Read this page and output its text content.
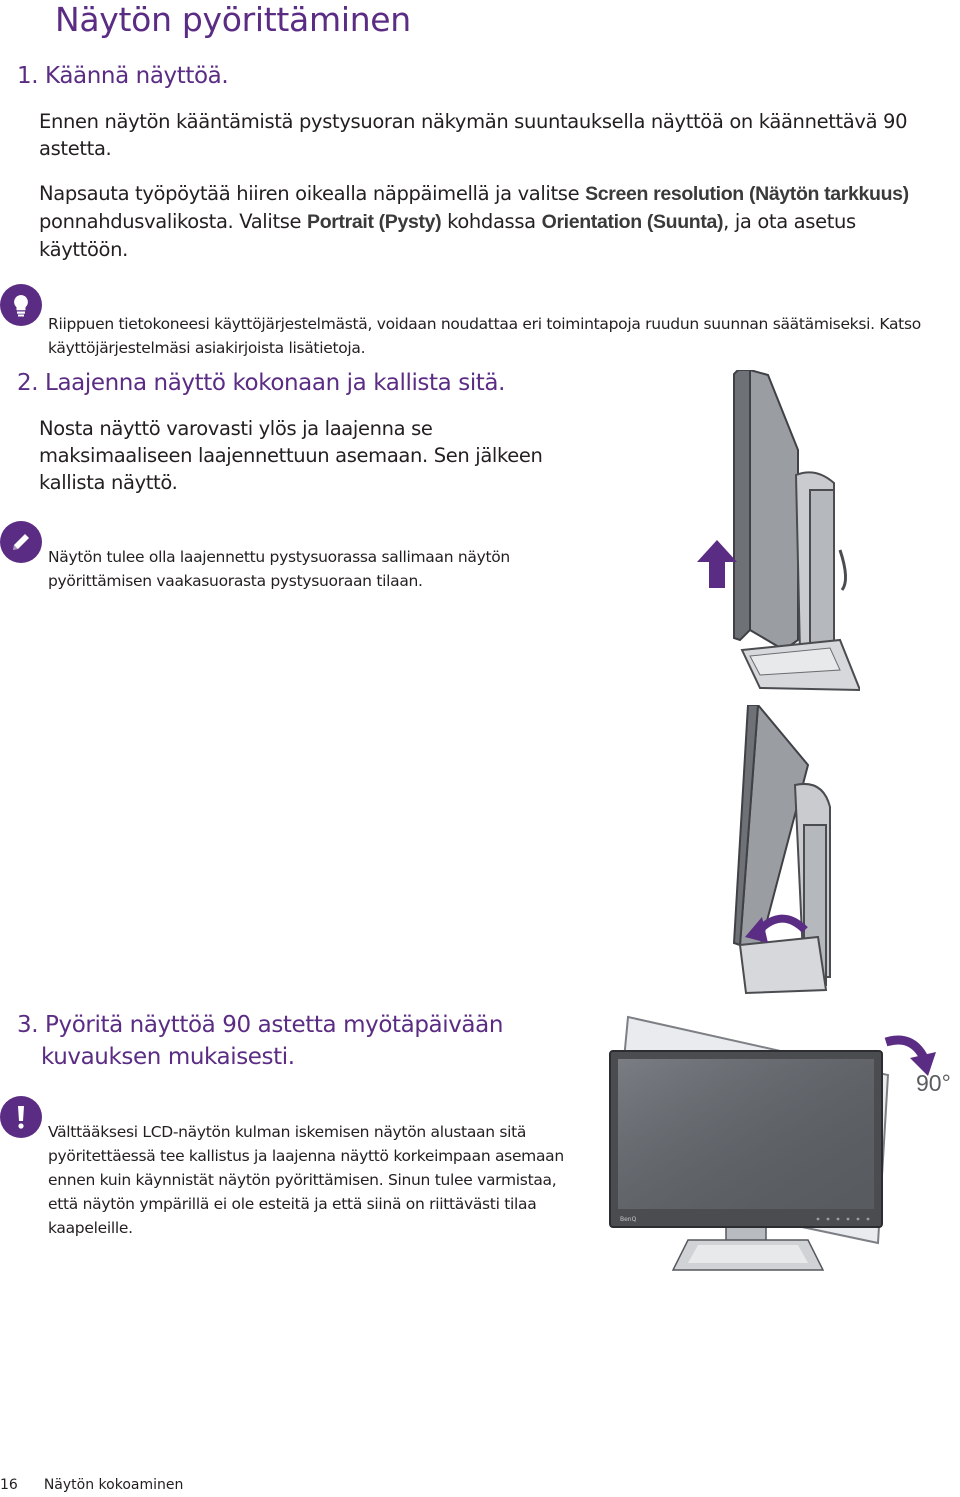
Näytön pyörittäminen
1. Käännä näyttöä.
Ennen näytön kääntämistä pystysuoran näkymän suuntauksella näyttöä on käännettävä 90 astetta.
Napsauta työpöytää hiiren oikealla näppäimellä ja valitse Screen resolution (Näytön tarkkuus) ponnahdusvalikosta. Valitse Portrait (Pysty) kohdassa Orientation (Suunta), ja ota asetus käyttöön.
Riippuen tietokoneesi käyttöjärjestelmästä, voidaan noudattaa eri toimintapoja ruudun suunnan säätämiseksi. Katso käyttöjärjestelmäsi asiakirjoista lisätietoja.
2. Laajenna näyttö kokonaan ja kallista sitä.
Nosta näyttö varovasti ylös ja laajenna se maksimaaliseen laajennettuun asemaan. Sen jälkeen kallista näyttö.
Näytön tulee olla laajennettu pystysuorassa sallimaan näytön pyörittämisen vaakasuorasta pystysuoraan tilaan.
3. Pyöritä näyttöä 90 astetta myötäpäivään
kuvauksen mukaisesti.
Välttääksesi LCD-näytön kulman iskemisen näytön alustaan sitä pyöritettäessä tee kallistus ja laajenna näyttö korkeimpaan asemaan ennen kuin käynnistät näytön pyörittämisen. Sinun tulee varmistaa, että näytön ympärillä ei ole esteitä ja että siinä on riittävästi tilaa kaapeleille.	BenQ
90°
16 Näytön kokoaminen
